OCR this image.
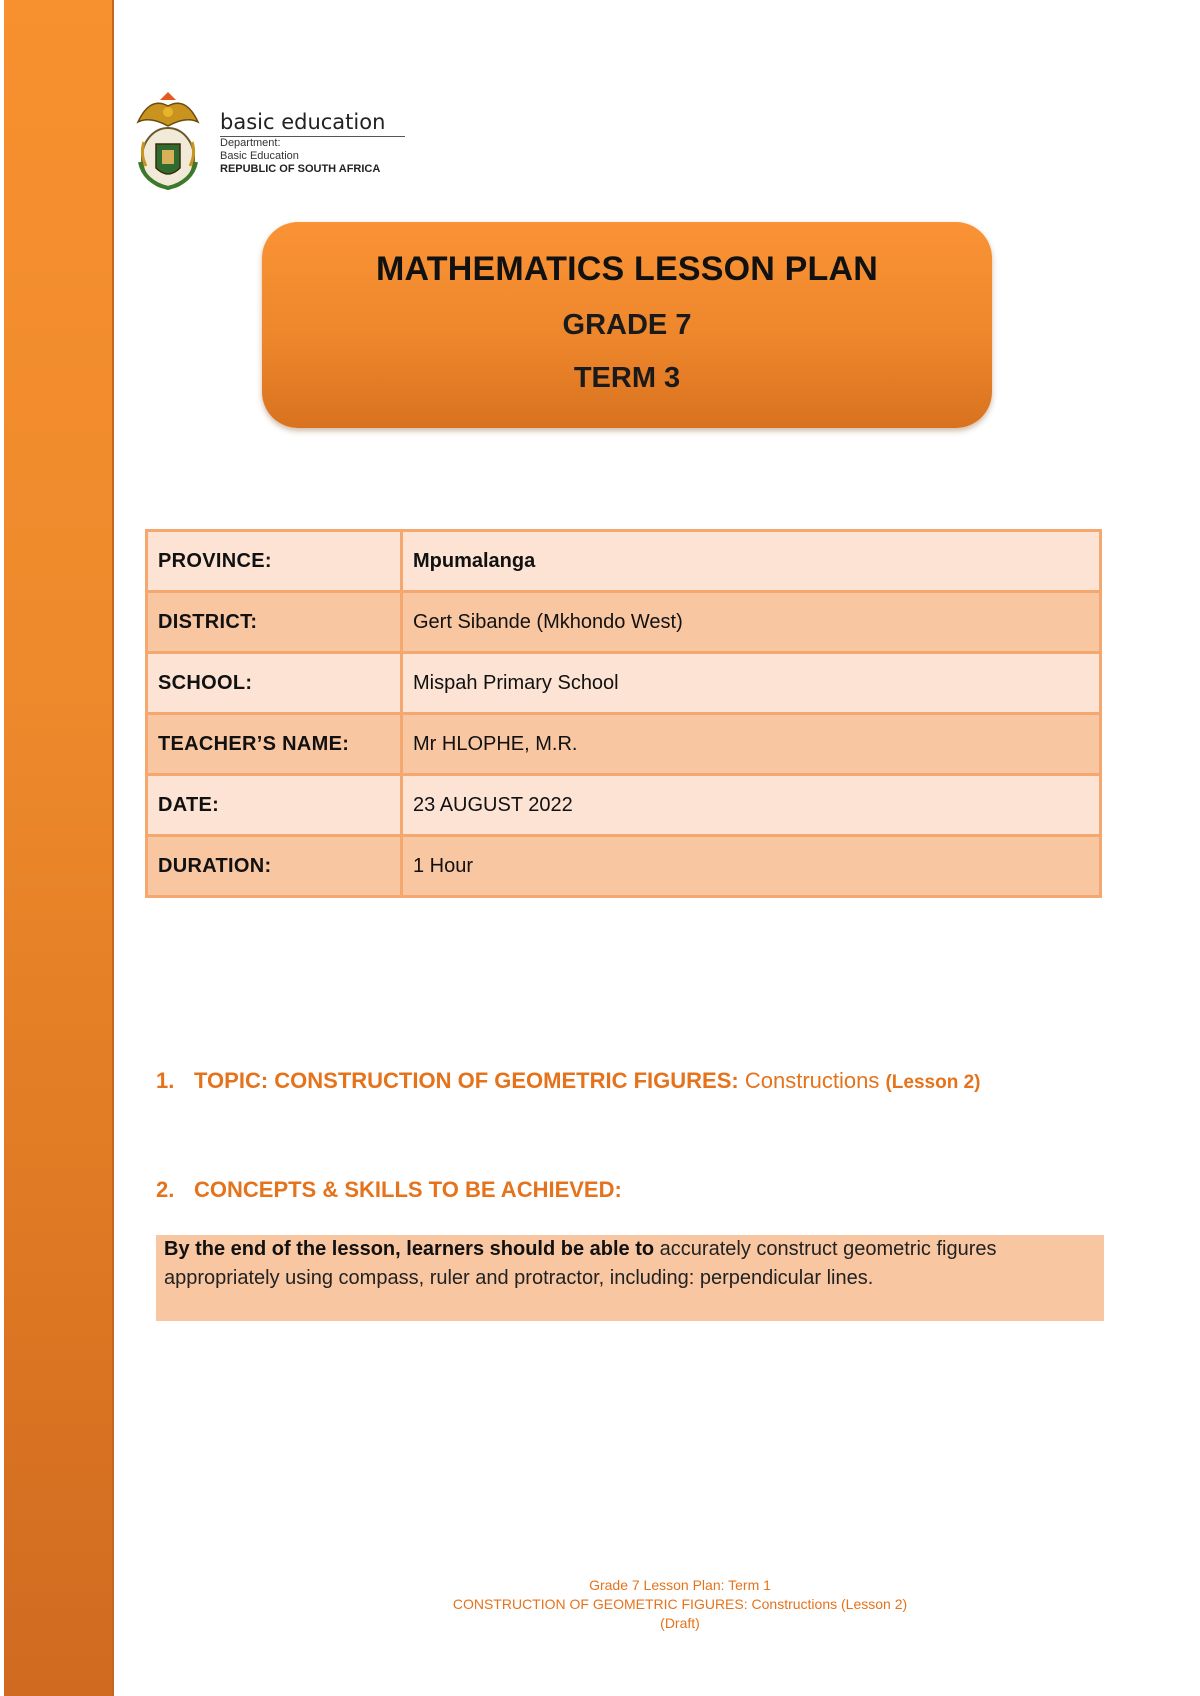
basic education
Department:
Basic Education
REPUBLIC OF SOUTH AFRICA
MATHEMATICS LESSON PLAN
GRADE 7
TERM 3
PROVINCE:	Mpumalanga
DISTRICT:	Gert Sibande (Mkhondo West)
SCHOOL:	Mispah Primary School
TEACHER’S NAME:	Mr HLOPHE, M.R.
DATE:	23 AUGUST 2022
DURATION:	1 Hour
1. TOPIC: CONSTRUCTION OF GEOMETRIC FIGURES: Constructions (Lesson 2)
2. CONCEPTS & SKILLS TO BE ACHIEVED:
By the end of the lesson, learners should be able to accurately construct geometric figures appropriately using compass, ruler and protractor, including: perpendicular lines.
Grade 7 Lesson Plan: Term 1
CONSTRUCTION OF GEOMETRIC FIGURES: Constructions (Lesson 2)
(Draft)
